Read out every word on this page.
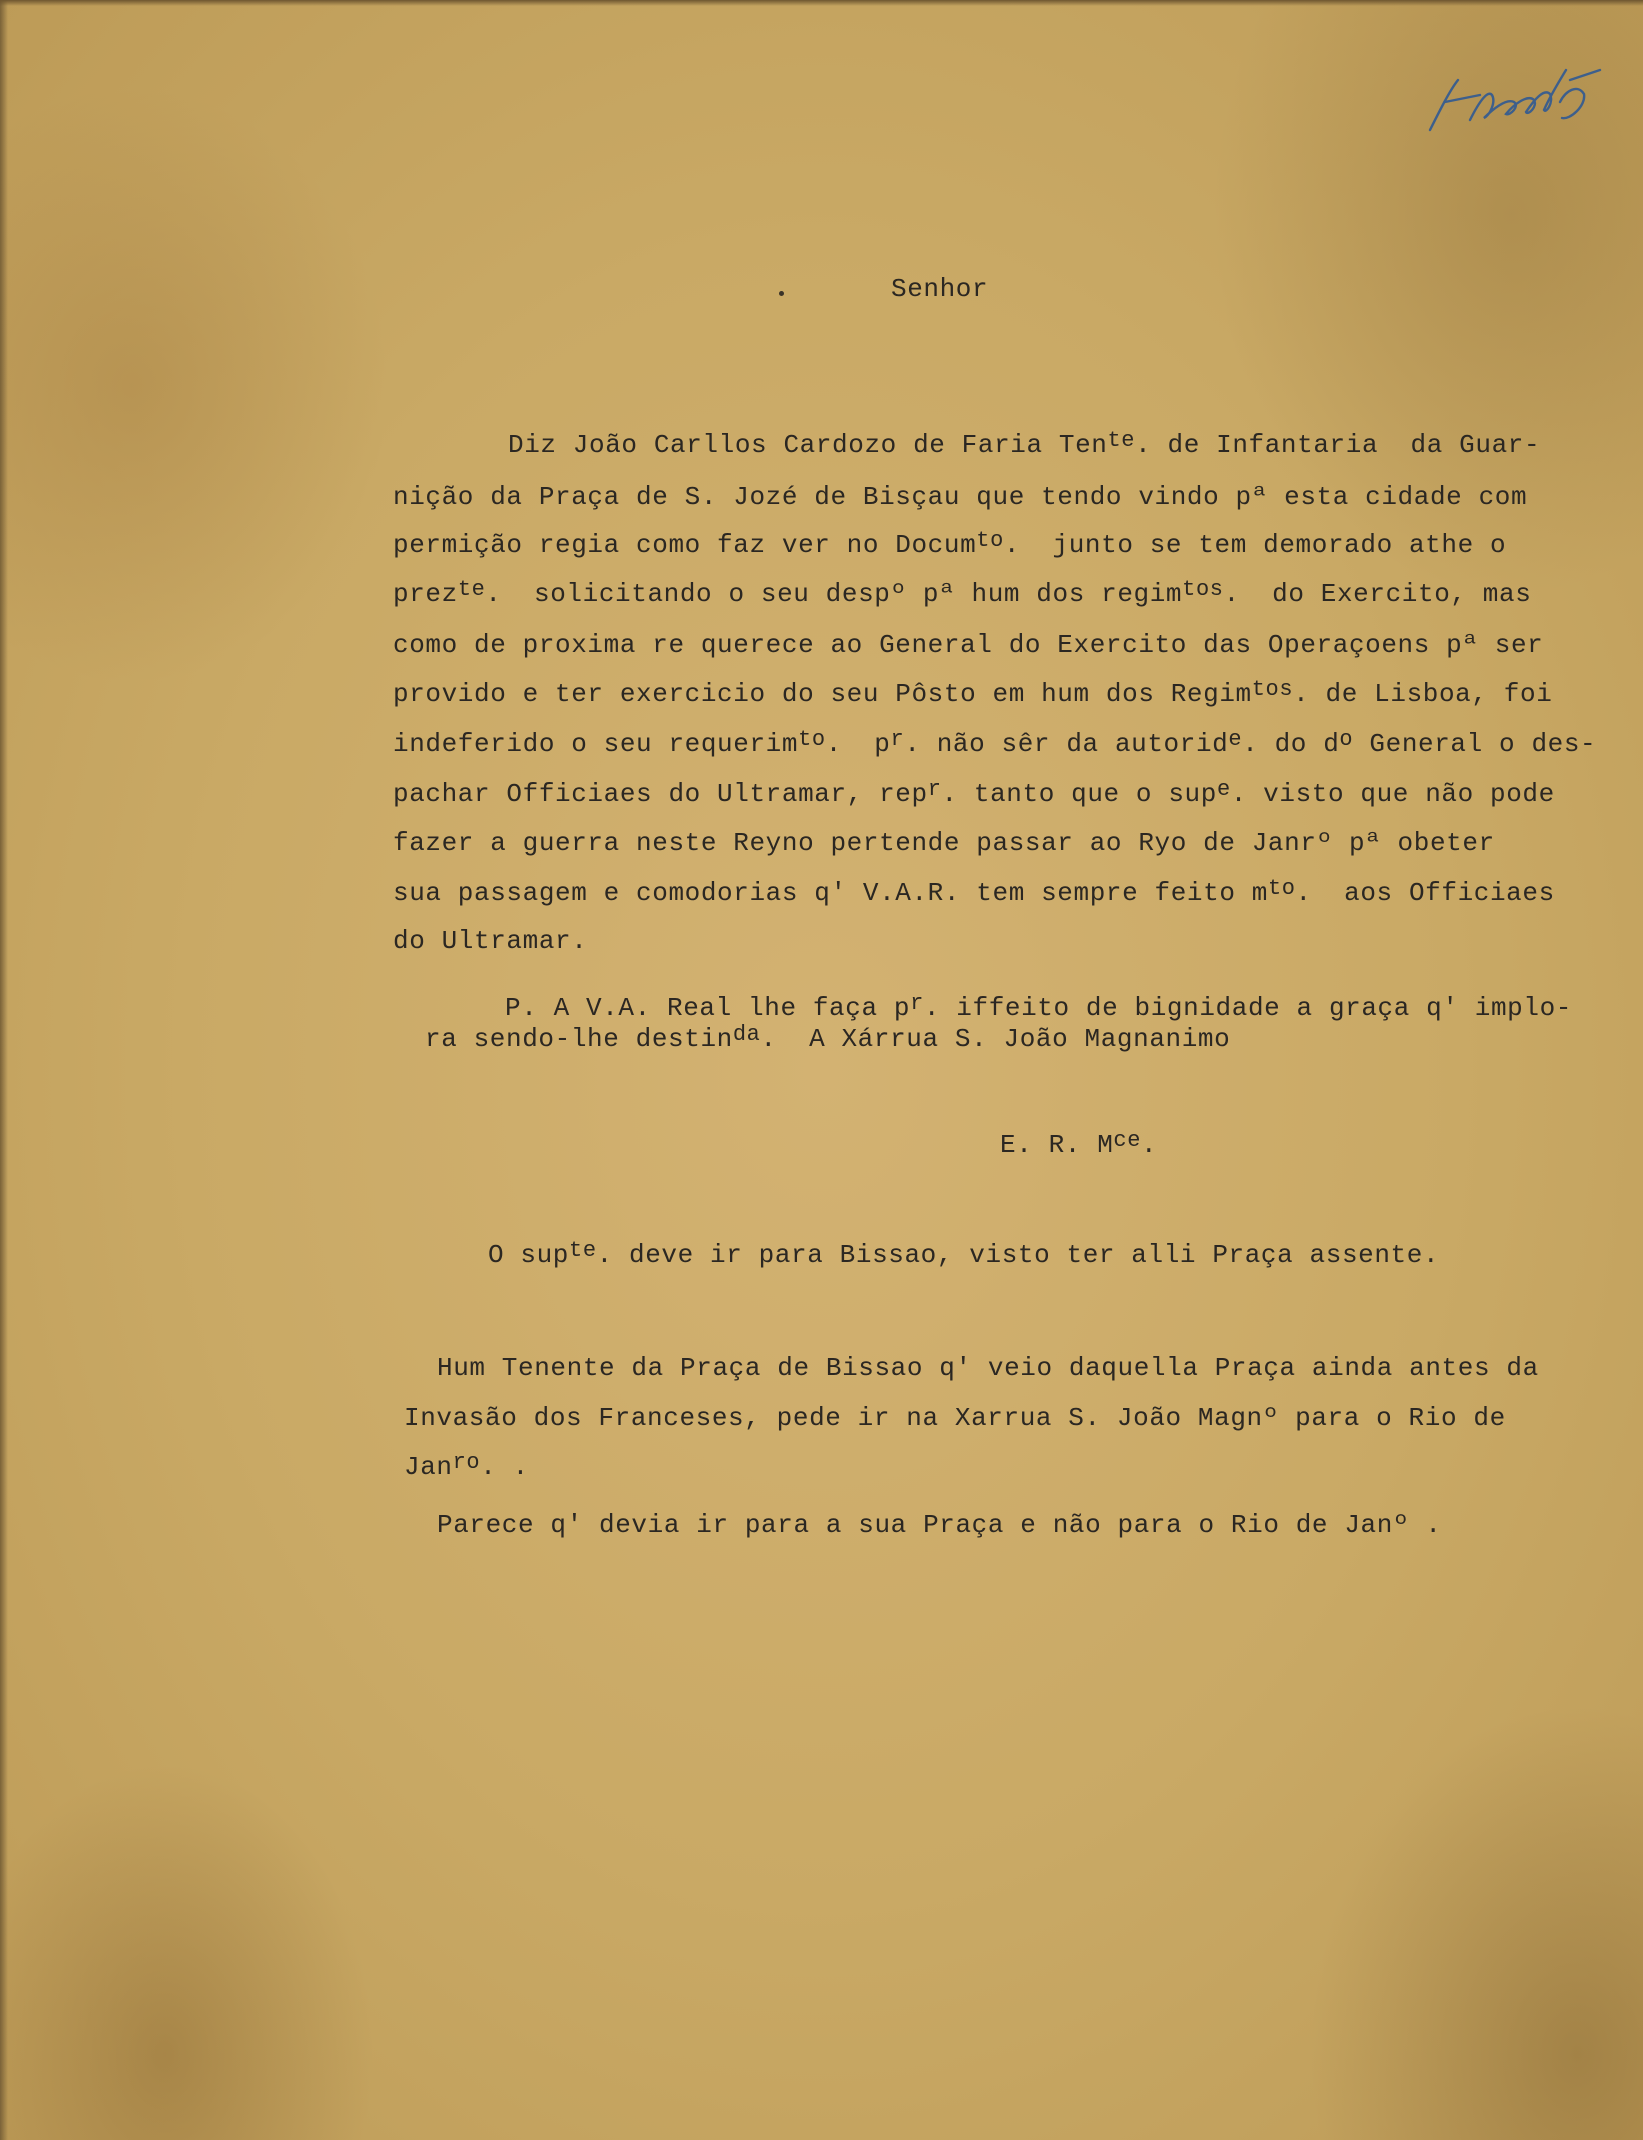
Senhor
Diz João Carllos Cardozo de Faria Ten$^{te}$. de Infantaria  da Guar-
nição da Praça de S. Jozé de Bisçau que tendo vindo pª esta cidade com
permição regia como faz ver no Docum$^{to}$.  junto se tem demorado athe o
prez$^{te}$.  solicitando o seu despº pª hum dos regim$^{tos}$.  do Exercito, mas
como de proxima re querece ao General do Exercito das Operaçoens pª ser
provido e ter exercicio do seu Pôsto em hum dos Regim$^{tos}$. de Lisboa, foi
indeferido o seu requerim$^{to}$.  $p^r$. não sêr da autorid$^e$. do $d^o$ General o des-
pachar Officiaes do Ultramar, rep$^r$. tanto que o sup$^e$. visto que não pode
fazer a guerra neste Reyno pertende passar ao Ryo de Janrº pª obeter
sua passagem e comodorias q' V.A.R. tem sempre feito $m^{to}$.  aos Officiaes
do Ultramar.
P. A V.A. Real lhe faça $p^r$. iffeito de bignidade a graça q' implo-
ra sendo-lhe destin$^{da}$.  A Xárrua S. João Magnanimo
E. R. $M^{ce}$.
O sup$^{te}$. deve ir para Bissao, visto ter alli Praça assente.
Hum Tenente da Praça de Bissao q' veio daquella Praça ainda antes da
Invasão dos Franceses, pede ir na Xarrua S. João Magnº para o Rio de
Jan$^{ro}$. .
Parece q' devia ir para a sua Praça e não para o Rio de Janº .
